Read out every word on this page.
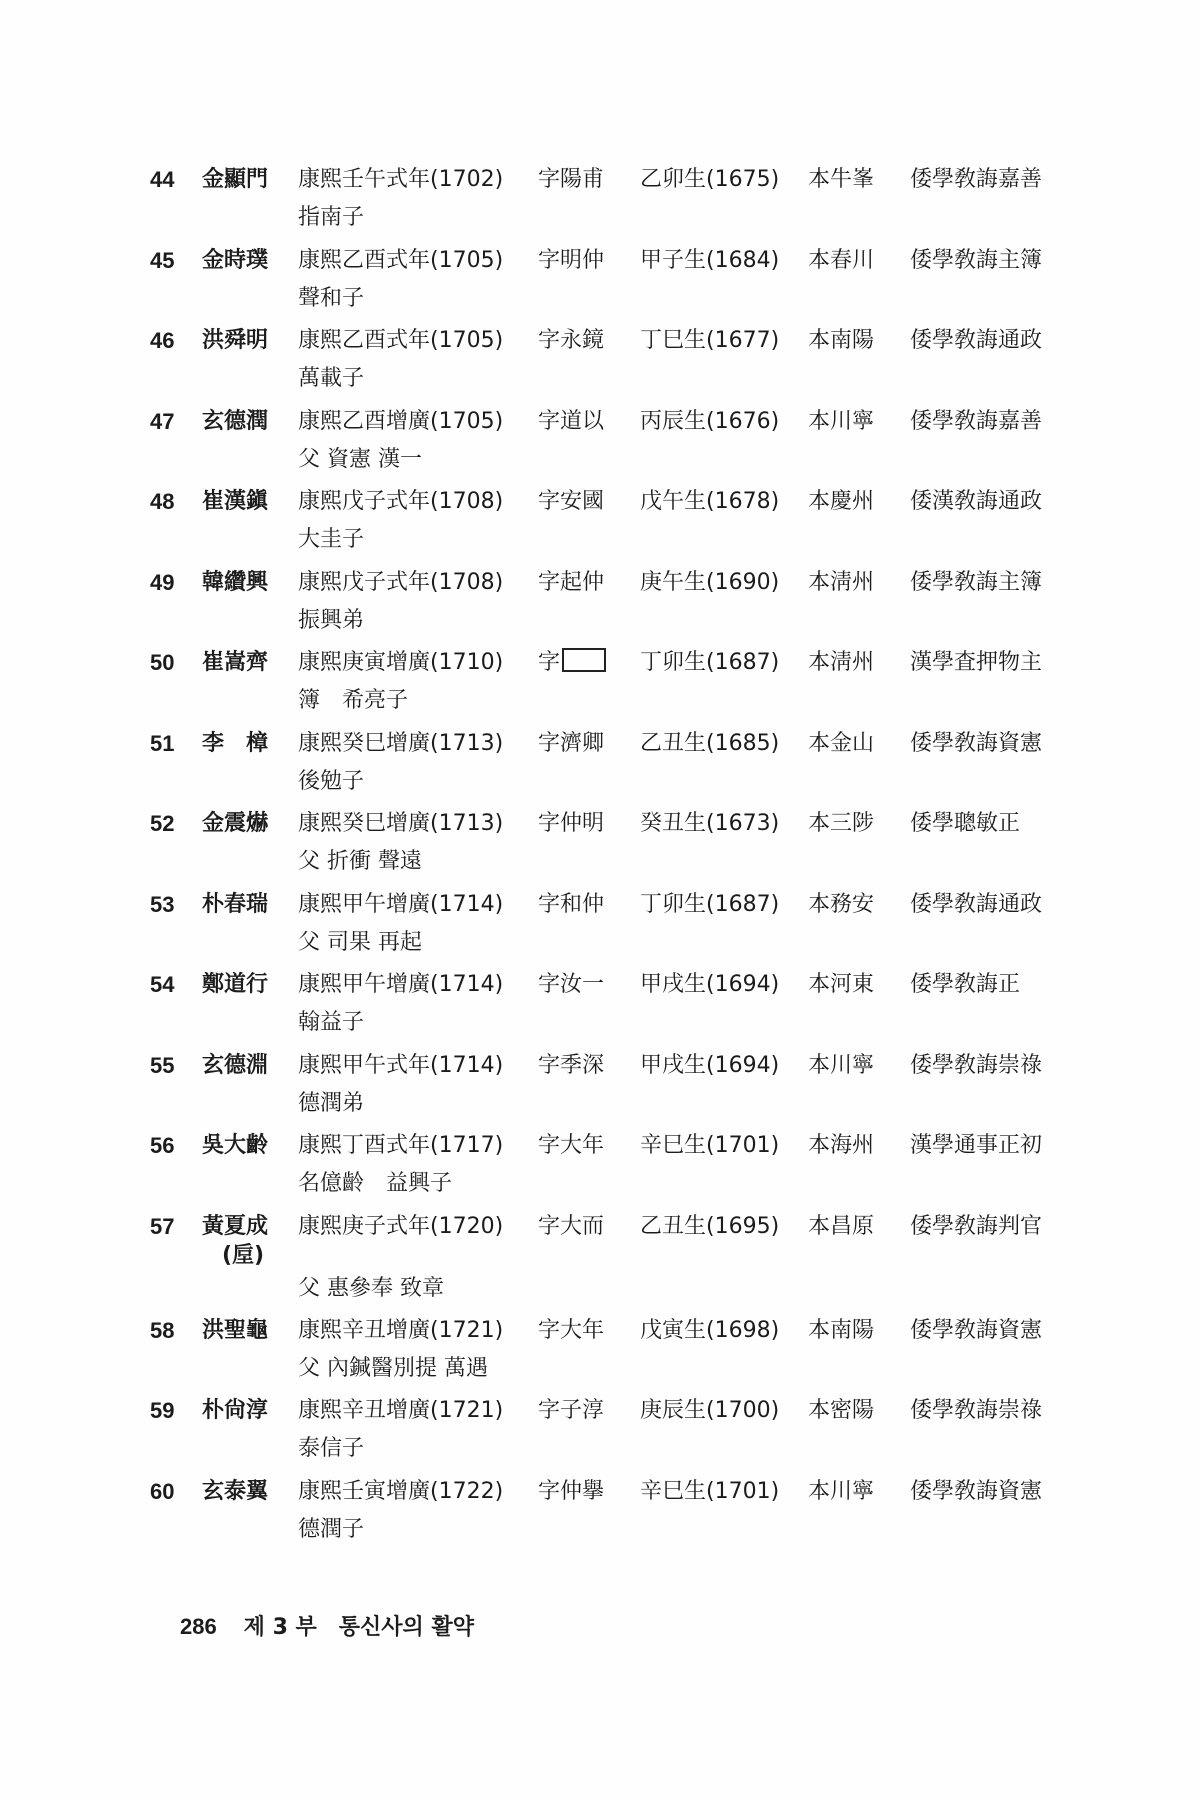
44	金顯門	康熙壬午式年(1702)	字陽甫	乙卯生(1675)	本牛峯	倭學敎誨嘉善
指南子
45	金時璞	康熙乙酉式年(1705)	字明仲	甲子生(1684)	本春川	倭學敎誨主簿
聲和子
46	洪舜明	康熙乙酉式年(1705)	字永鏡	丁巳生(1677)	本南陽	倭學敎誨通政
萬載子
47	玄德潤	康熙乙酉增廣(1705)	字道以	丙辰生(1676)	本川寧	倭學敎誨嘉善
父 資憲 漢一
48	崔漢鎭	康熙戊子式年(1708)	字安國	戊午生(1678)	本慶州	倭漢敎誨通政
大圭子
49	韓纘興	康熙戊子式年(1708)	字起仲	庚午生(1690)	本淸州	倭學敎誨主簿
振興弟
50	崔嵩齊	康熙庚寅增廣(1710)	字	丁卯生(1687)	本淸州	漢學査押物主
簿　希亮子
51	李　樟	康熙癸巳增廣(1713)	字濟卿	乙丑生(1685)	本金山	倭學敎誨資憲
後勉子
52	金震爀	康熙癸巳增廣(1713)	字仲明	癸丑生(1673)	本三陟	倭學聰敏正
父 折衝 聲遠
53	朴春瑞	康熙甲午增廣(1714)	字和仲	丁卯生(1687)	本務安	倭學敎誨通政
父 司果 再起
54	鄭道行	康熙甲午增廣(1714)	字汝一	甲戌生(1694)	本河東	倭學敎誨正
翰益子
55	玄德淵	康熙甲午式年(1714)	字季深	甲戌生(1694)	本川寧	倭學敎誨崇祿
德潤弟
56	吳大齡	康熙丁酉式年(1717)	字大年	辛巳生(1701)	本海州	漢學通事正初
名億齡　益興子
57	黃夏成	康熙庚子式年(1720)	字大而	乙丑生(1695)	本昌原	倭學敎誨判官
(垕)
父 惠參奉 致章
58	洪聖龜	康熙辛丑增廣(1721)	字大年	戊寅生(1698)	本南陽	倭學敎誨資憲
父 內鍼醫別提 萬遇
59	朴尙淳	康熙辛丑增廣(1721)	字子淳	庚辰生(1700)	本密陽	倭學敎誨崇祿
泰信子
60	玄泰翼	康熙壬寅增廣(1722)	字仲擧	辛巳生(1701)	本川寧	倭學敎誨資憲
德潤子
286 제 3 부　통신사의 활약
